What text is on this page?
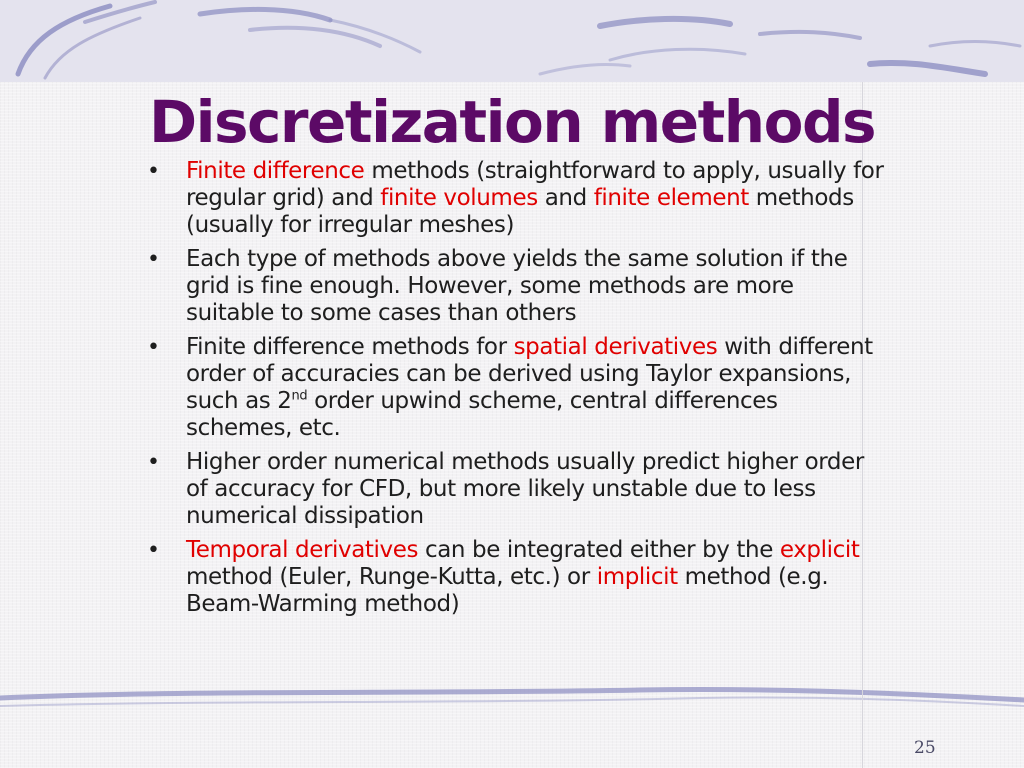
Discretization methods
• Finite difference methods (straightforward to apply, usually for regular grid) and finite volumes and finite element methods (usually for irregular meshes)
• Each type of methods above yields the same solution if the grid is fine enough. However, some methods are more suitable to some cases than others
• Finite difference methods for spatial derivatives with different order of accuracies can be derived using Taylor expansions, such as 2nd order upwind scheme, central differences schemes, etc.
• Higher order numerical methods usually predict higher order of accuracy for CFD, but more likely unstable due to less numerical dissipation
• Temporal derivatives can be integrated either by the explicit method (Euler, Runge-Kutta, etc.) or implicit method (e.g. Beam-Warming method)
25
